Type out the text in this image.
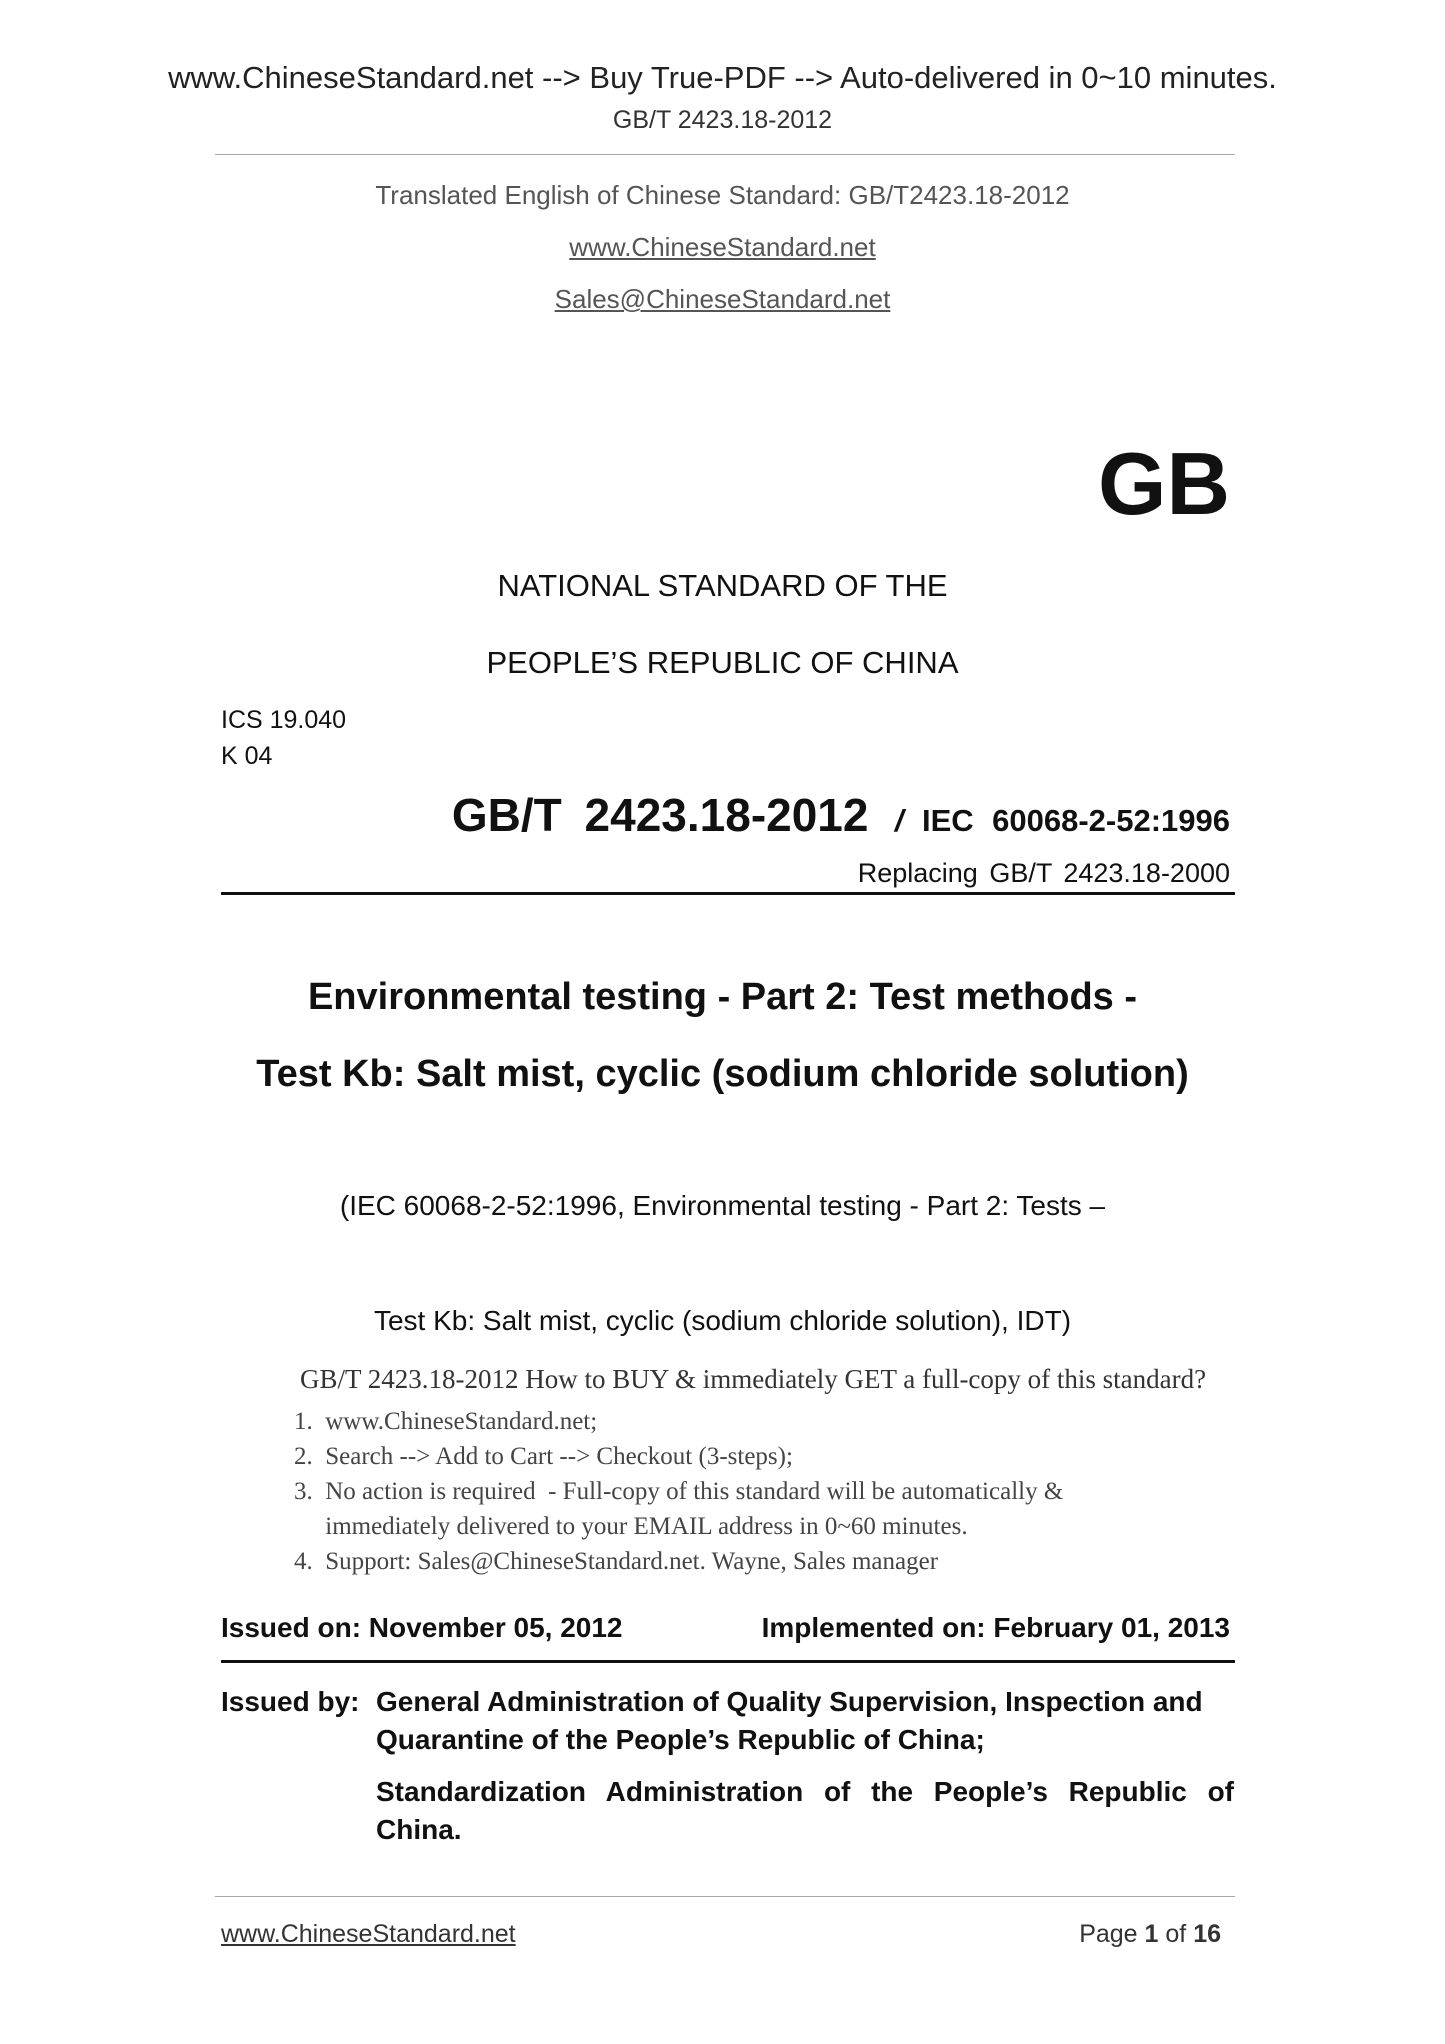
www.ChineseStandard.net --> Buy True-PDF --> Auto-delivered in 0~10 minutes.
GB/T 2423.18-2012
Translated English of Chinese Standard: GB/T2423.18-2012
www.ChineseStandard.net
Sales@ChineseStandard.net
GB
NATIONAL STANDARD OF THE
PEOPLE’S REPUBLIC OF CHINA
ICS 19.040
K 04
GB/T 2423.18-2012 / IEC 60068-2-52:1996
Replacing GB/T 2423.18-2000
Environmental testing - Part 2: Test methods -
Test Kb: Salt mist, cyclic (sodium chloride solution)
(IEC 60068-2-52:1996, Environmental testing - Part 2: Tests –
Test Kb: Salt mist, cyclic (sodium chloride solution), IDT)
GB/T 2423.18-2012 How to BUY & immediately GET a full-copy of this standard?
1.  www.ChineseStandard.net;
2.  Search --> Add to Cart --> Checkout (3-steps);
3.  No action is required  - Full-copy of this standard will be automatically &
immediately delivered to your EMAIL address in 0~60 minutes.
4.  Support: Sales@ChineseStandard.net. Wayne, Sales manager
Issued on: November 05, 2012	Implemented on: February 01, 2013
Issued by: General Administration of Quality Supervision, Inspection and
Quarantine of the People’s Republic of China;
Standardization Administration of the People’s Republic of
China.
www.ChineseStandard.net	Page 1 of 16
